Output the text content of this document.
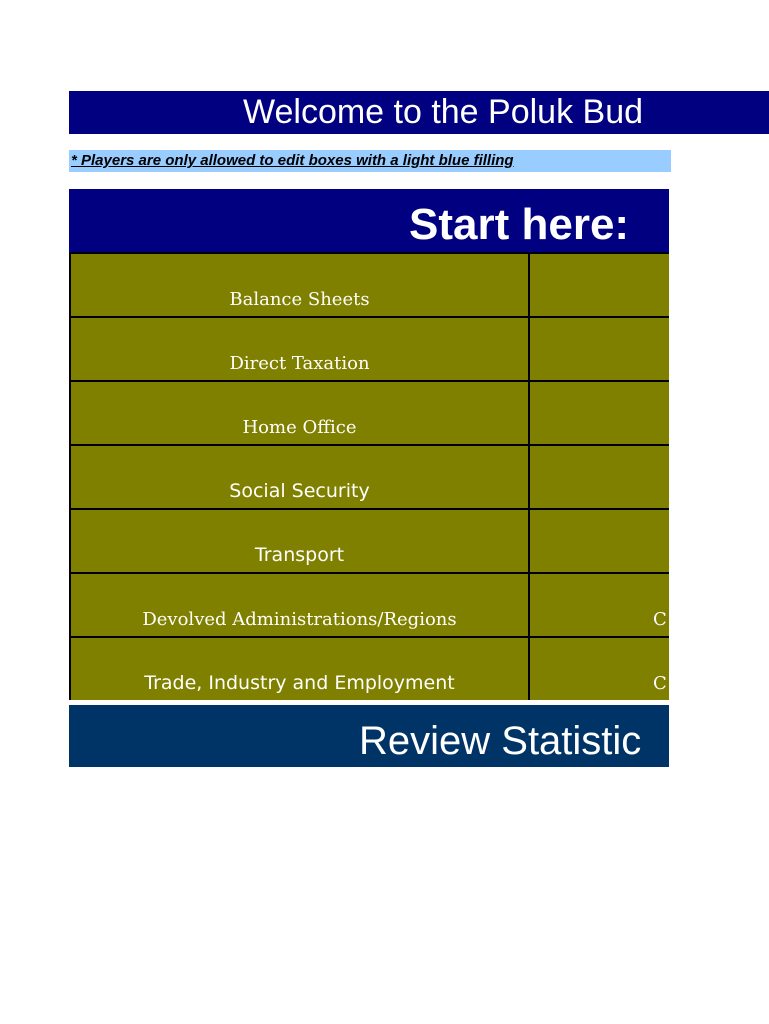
Welcome to the Poluk Bud
* Players are only allowed to edit boxes with a light blue filling
Start here:
Balance Sheets
Direct Taxation
Home Office
Social Security
Transport
Devolved Administrations/Regions	C
Trade, Industry and Employment	C
Review Statistic
